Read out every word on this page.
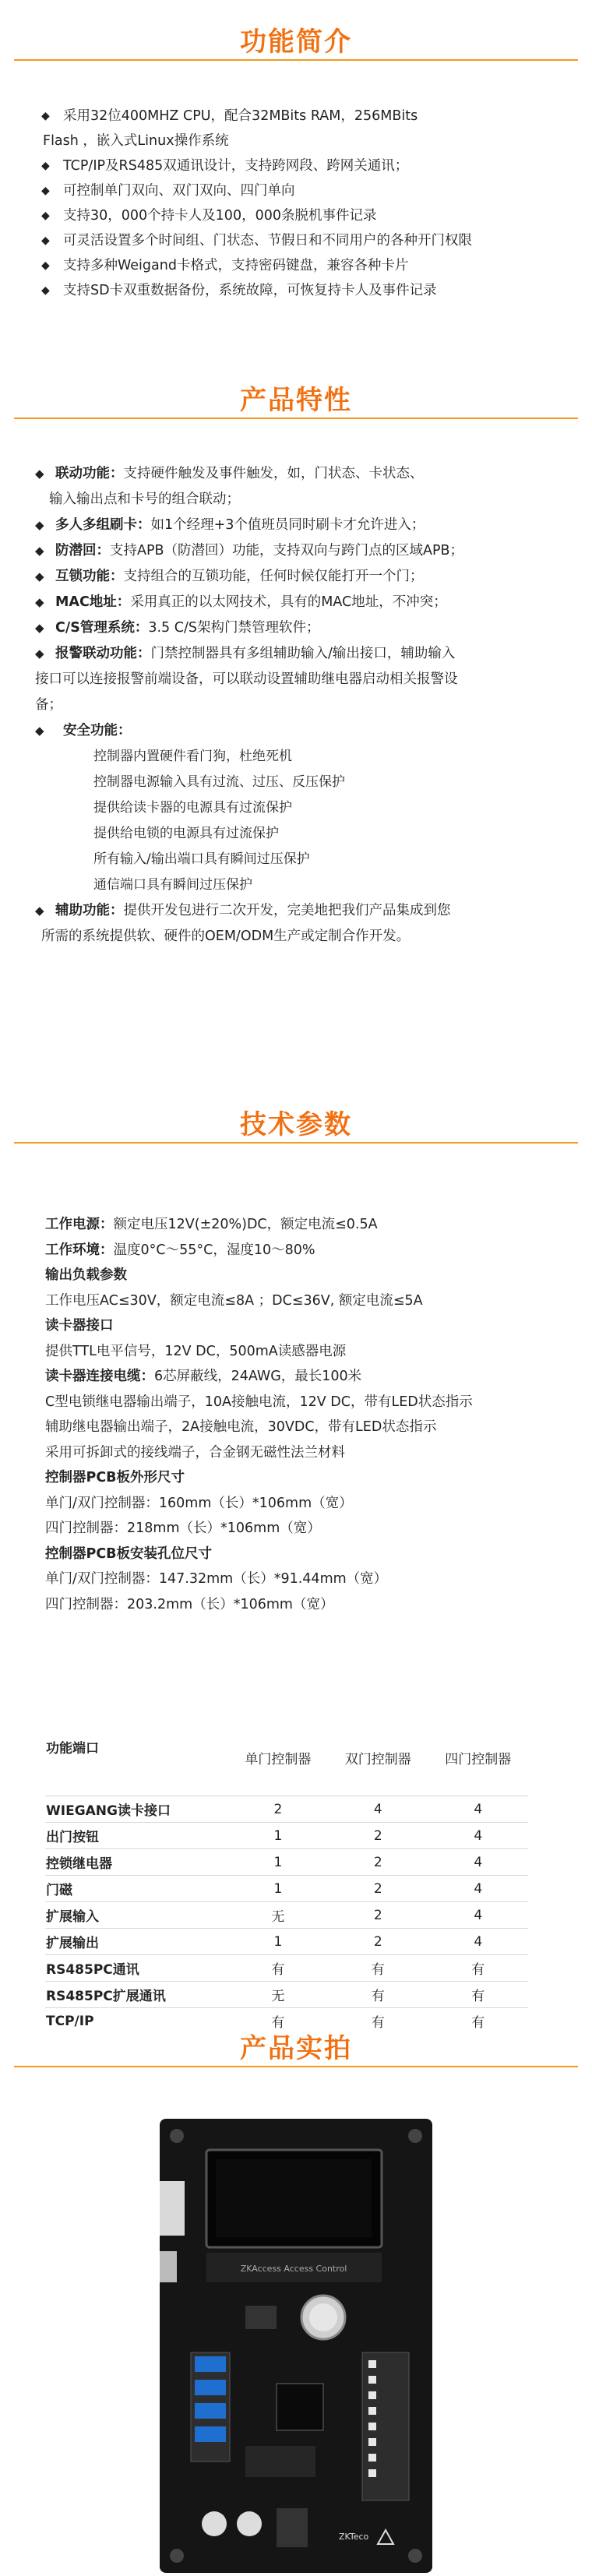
功能简介
◆ 采用32位400MHZ CPU，配合32MBits RAM，256MBits
Flash ，嵌入式Linux操作系统
◆ TCP/IP及RS485双通讯设计，支持跨网段、跨网关通讯；
◆ 可控制单门双向、双门双向、四门单向
◆ 支持30，000个持卡人及100，000条脱机事件记录
◆ 可灵活设置多个时间组、门状态、节假日和不同用户的各种开门权限
◆ 支持多种Weigand卡格式，支持密码键盘，兼容各种卡片
◆ 支持SD卡双重数据备份，系统故障，可恢复持卡人及事件记录
产品特性
◆ 联动功能：支持硬件触发及事件触发，如，门状态、卡状态、
输入输出点和卡号的组合联动；
◆ 多人多组刷卡：如1个经理+3个值班员同时刷卡才允许进入；
◆ 防潜回：支持APB（防潜回）功能，支持双向与跨门点的区域APB；
◆ 互锁功能：支持组合的互锁功能，任何时候仅能打开一个门；
◆ MAC地址：采用真正的以太网技术，具有的MAC地址，不冲突；
◆ C/S管理系统：3.5 C/S架构门禁管理软件；
◆ 报警联动功能：门禁控制器具有多组辅助输入/输出接口，辅助输入
接口可以连接报警前端设备，可以联动设置辅助继电器启动相关报警设
备；
◆ 安全功能：
控制器内置硬件看门狗，杜绝死机
控制器电源输入具有过流、过压、反压保护
提供给读卡器的电源具有过流保护
提供给电锁的电源具有过流保护
所有输入/输出端口具有瞬间过压保护
通信端口具有瞬间过压保护
◆ 辅助功能：提供开发包进行二次开发，完美地把我们产品集成到您
所需的系统提供软、硬件的OEM/ODM生产或定制合作开发。
技术参数
工作电源：额定电压12V(±20%)DC，额定电流≤0.5A
工作环境：温度0°C～55°C，湿度10～80%
输出负载参数
工作电压AC≤30V，额定电流≤8A ；DC≤36V, 额定电流≤5A
读卡器接口
提供TTL电平信号，12V DC，500mA读感器电源
读卡器连接电缆：6芯屏蔽线，24AWG，最长100米
C型电锁继电器输出端子，10A接触电流，12V DC，带有LED状态指示
辅助继电器输出端子，2A接触电流，30VDC，带有LED状态指示
采用可拆卸式的接线端子，合金钢无磁性法兰材料
控制器PCB板外形尺寸
单门/双门控制器：160mm（长）*106mm（宽）
四门控制器：218mm（长）*106mm（宽）
控制器PCB板安装孔位尺寸
单门/双门控制器：147.32mm（长）*91.44mm（宽）
四门控制器：203.2mm（长）*106mm（宽）
功能端口	单门控制器	双门控制器	四门控制器
WIEGANG读卡接口	2	4	4
出门按钮	1	2	4
控锁继电器	1	2	4
门磁	1	2	4
扩展输入	无	2	4
扩展输出	1	2	4
RS485PC通讯	有	有	有
RS485PC扩展通讯	无	有	有
TCP/IP	有	有	有
产品实拍
ZKAccess Access Control
ZKTeco
